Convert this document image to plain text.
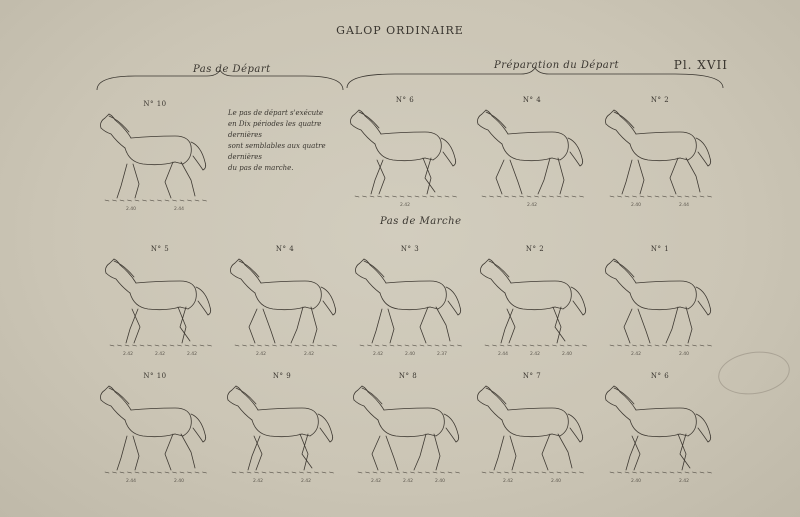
GALOP ORDINAIRE
Pl. XVII
Pas de Départ	Préparation du Départ
Pas de Marche
Le pas de départ s'exécute
en Dix périodes les quatre dernières
sont semblables aux quatre dernières
du pas de marche.
N° 10
2.40	2.44
N° 6
2.42
N° 4
2.42
N° 2
2.40	2.44
N° 5
2.42	2.42	2.42
N° 4
2.42	2.42
N° 3
2.42	2.40	2.37
N° 2
2.44	2.42	2.40
N° 1
2.42	2.40
N° 10
2.44	2.40
N° 9
2.42	2.42
N° 8
2.42	2.42	2.40
N° 7
2.42	2.40
N° 6
2.40	2.42
